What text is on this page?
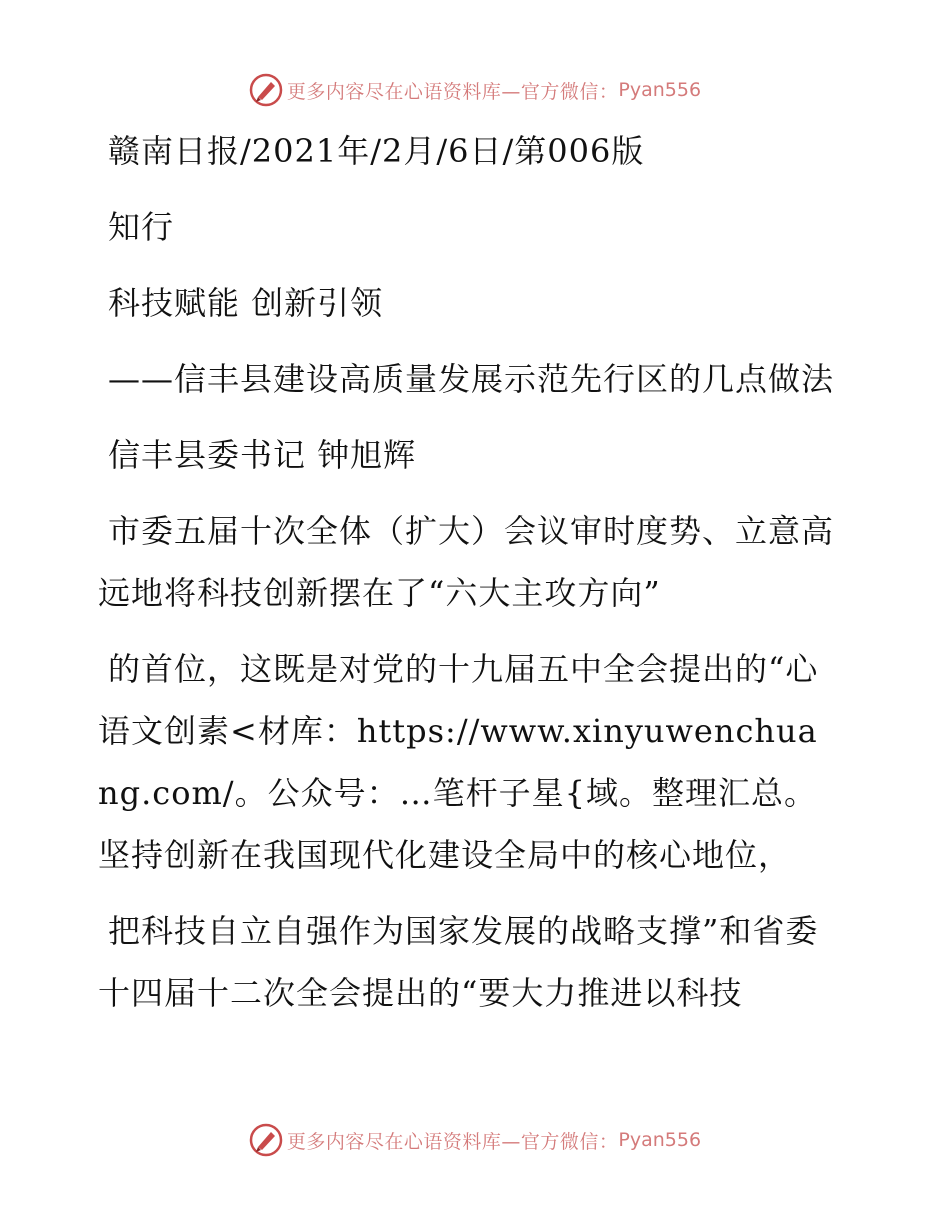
更多内容尽在心语资料库—官方微信： Pyan556

赣南日报/2021年/2月/6日/第006版

知行

科技赋能 创新引领

——信丰县建设高质量发展示范先行区的几点做法

信丰县委书记 钟旭辉

市委五届十次全体（扩大）会议审时度势、立意高远地将科技创新摆在了“六大主攻方向”

的首位，这既是对党的十九届五中全会提出的“心语文创素<材库：https://www.xinyuwenchuang.com/。公众号：…笔杆子星{域。整理汇总。坚持创新在我国现代化建设全局中的核心地位，

把科技自立自强作为国家发展的战略支撑”和省委十四届十二次全会提出的“要大力推进以科技

更多内容尽在心语资料库—官方微信： Pyan556
